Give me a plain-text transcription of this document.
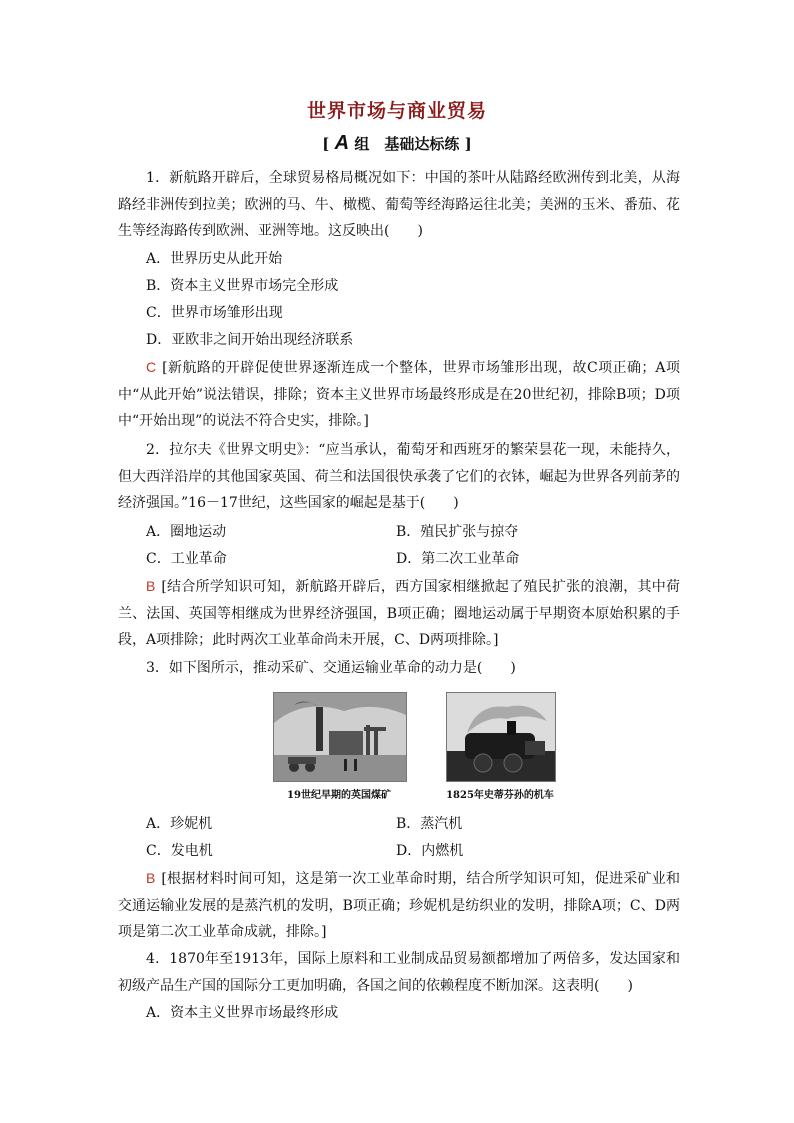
世界市场与商业贸易
[ A 组　基础达标练 ]
1．新航路开辟后，全球贸易格局概况如下：中国的茶叶从陆路经欧洲传到北美，从海路经非洲传到拉美；欧洲的马、牛、橄榄、葡萄等经海路运往北美；美洲的玉米、番茄、花生等经海路传到欧洲、亚洲等地。这反映出(　　)
A．世界历史从此开始
B．资本主义世界市场完全形成
C．世界市场雏形出现
D．亚欧非之间开始出现经济联系
C [新航路的开辟促使世界逐渐连成一个整体，世界市场雏形出现，故C项正确；A项中“从此开始”说法错误，排除；资本主义世界市场最终形成是在20世纪初，排除B项；D项中“开始出现”的说法不符合史实，排除。]
2．拉尔夫《世界文明史》：“应当承认，葡萄牙和西班牙的繁荣昙花一现，未能持久，但大西洋沿岸的其他国家英国、荷兰和法国很快承袭了它们的衣钵，崛起为世界各列前茅的经济强国。”16－17世纪，这些国家的崛起是基于(　　)
A．圈地运动	B．殖民扩张与掠夺
C．工业革命	D．第二次工业革命
B [结合所学知识可知，新航路开辟后，西方国家相继掀起了殖民扩张的浪潮，其中荷兰、法国、英国等相继成为世界经济强国，B项正确；圈地运动属于早期资本原始积累的手段，A项排除；此时两次工业革命尚未开展，C、D两项排除。]
3．如下图所示，推动采矿、交通运输业革命的动力是(　　)
19世纪早期的英国煤矿	1825年史蒂芬孙的机车
A．珍妮机	B．蒸汽机
C．发电机	D．内燃机
B [根据材料时间可知，这是第一次工业革命时期，结合所学知识可知，促进采矿业和交通运输业发展的是蒸汽机的发明，B项正确；珍妮机是纺织业的发明，排除A项；C、D两项是第二次工业革命成就，排除。]
4．1870年至1913年，国际上原料和工业制成品贸易额都增加了两倍多，发达国家和初级产品生产国的国际分工更加明确，各国之间的依赖程度不断加深。这表明(　　)
A．资本主义世界市场最终形成
